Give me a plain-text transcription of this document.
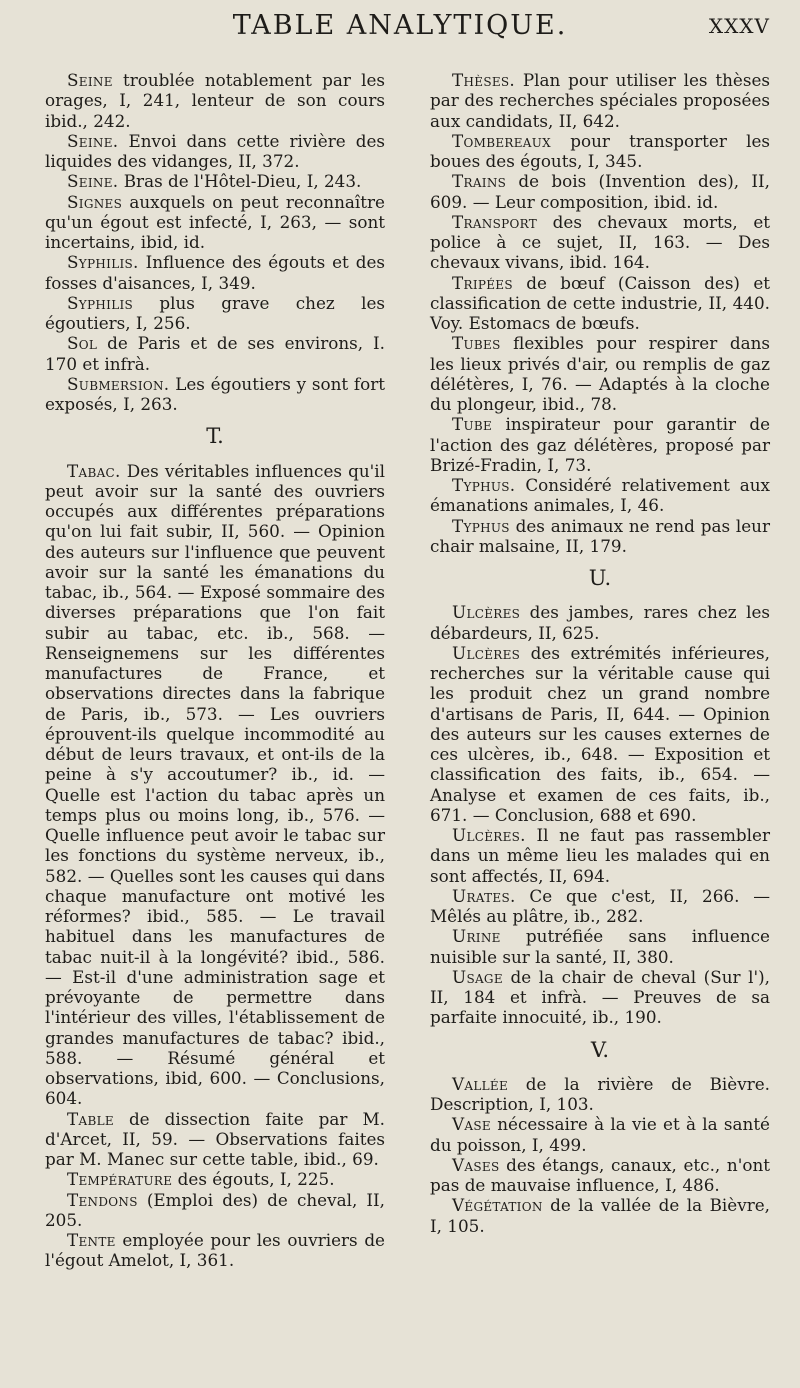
TABLE ANALYTIQUE.	XXXV

Seine troublée notablement par les orages, I, 241, lenteur de son cours ibid., 242.

Seine. Envoi dans cette rivière des liquides des vidanges, II, 372.

Seine. Bras de l'Hôtel-Dieu, I, 243.

Signes auxquels on peut reconnaître qu'un égout est infecté, I, 263, — sont incertains, ibid, id.

Syphilis. Influence des égouts et des fosses d'aisances, I, 349.

Syphilis plus grave chez les égoutiers, I, 256.

Sol de Paris et de ses environs, I. 170 et infrà.

Submersion. Les égoutiers y sont fort exposés, I, 263.

T.

Tabac. Des véritables influences qu'il peut avoir sur la santé des ouvriers occupés aux différentes préparations qu'on lui fait subir, II, 560. — Opinion des auteurs sur l'influence que peuvent avoir sur la santé les émanations du tabac, ib., 564. — Exposé sommaire des diverses préparations que l'on fait subir au tabac, etc. ib., 568. — Renseignemens sur les différentes manufactures de France, et observations directes dans la fabrique de Paris, ib., 573. — Les ouvriers éprouvent-ils quelque incommodité au début de leurs travaux, et ont-ils de la peine à s'y accoutumer? ib., id. — Quelle est l'action du tabac après un temps plus ou moins long, ib., 576. — Quelle influence peut avoir le tabac sur les fonctions du système nerveux, ib., 582. — Quelles sont les causes qui dans chaque manufacture ont motivé les réformes? ibid., 585. — Le travail habituel dans les manufactures de tabac nuit-il à la longévité? ibid., 586. — Est-il d'une administration sage et prévoyante de permettre dans l'intérieur des villes, l'établissement de grandes manufactures de tabac? ibid., 588. — Résumé général et observations, ibid, 600. — Conclusions, 604.

Table de dissection faite par M. d'Arcet, II, 59. — Observations faites par M. Manec sur cette table, ibid., 69.

Température des égouts, I, 225.

Tendons (Emploi des) de cheval, II, 205.

Tente employée pour les ouvriers de l'égout Amelot, I, 361.

Thèses. Plan pour utiliser les thèses par des recherches spéciales proposées aux candidats, II, 642.

Tombereaux pour transporter les boues des égouts, I, 345.

Trains de bois (Invention des), II, 609. — Leur composition, ibid. id.

Transport des chevaux morts, et police à ce sujet, II, 163. — Des chevaux vivans, ibid. 164.

Tripées de bœuf (Caisson des) et classification de cette industrie, II, 440. Voy. Estomacs de bœufs.

Tubes flexibles pour respirer dans les lieux privés d'air, ou remplis de gaz délétères, I, 76. — Adaptés à la cloche du plongeur, ibid., 78.

Tube inspirateur pour garantir de l'action des gaz délétères, proposé par Brizé-Fradin, I, 73.

Typhus. Considéré relativement aux émanations animales, I, 46.

Typhus des animaux ne rend pas leur chair malsaine, II, 179.

U.

Ulcères des jambes, rares chez les débardeurs, II, 625.

Ulcères des extrémités inférieures, recherches sur la véritable cause qui les produit chez un grand nombre d'artisans de Paris, II, 644. — Opinion des auteurs sur les causes externes de ces ulcères, ib., 648. — Exposition et classification des faits, ib., 654. — Analyse et examen de ces faits, ib., 671. — Conclusion, 688 et 690.

Ulcères. Il ne faut pas rassembler dans un même lieu les malades qui en sont affectés, II, 694.

Urates. Ce que c'est, II, 266. — Mêlés au plâtre, ib., 282.

Urine putréfiée sans influence nuisible sur la santé, II, 380.

Usage de la chair de cheval (Sur l'), II, 184 et infrà. — Preuves de sa parfaite innocuité, ib., 190.

V.

Vallée de la rivière de Bièvre. Description, I, 103.

Vase nécessaire à la vie et à la santé du poisson, I, 499.

Vases des étangs, canaux, etc., n'ont pas de mauvaise influence, I, 486.

Végétation de la vallée de la Bièvre, I, 105.
